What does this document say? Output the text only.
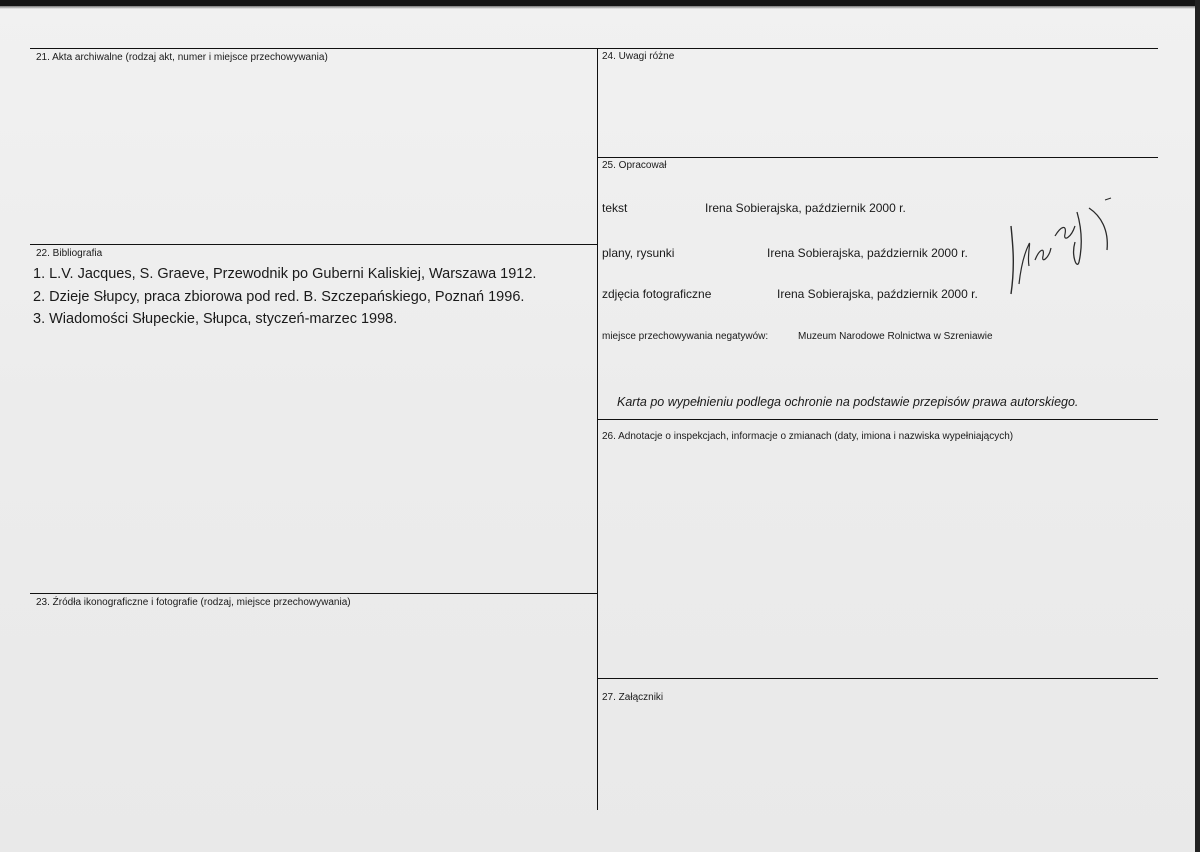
21. Akta archiwalne (rodzaj akt, numer i miejsce przechowywania)
22. Bibliografia
1. L.V. Jacques, S. Graeve, Przewodnik po Guberni Kaliskiej, Warszawa 1912.
2. Dzieje Słupcy, praca zbiorowa pod red. B. Szczepańskiego, Poznań 1996.
3. Wiadomości Słupeckie, Słupca, styczeń-marzec 1998.
23. Źródła ikonograficzne i fotografie (rodzaj, miejsce przechowywania)
24. Uwagi różne
25. Opracował
tekst	Irena Sobierajska, październik 2000 r.
plany, rysunki	Irena Sobierajska, październik 2000 r.
zdjęcia fotograficzne	Irena Sobierajska, październik 2000 r.
miejsce przechowywania negatywów:	Muzeum Narodowe Rolnictwa w Szreniawie
Karta po wypełnieniu podlega ochronie na podstawie przepisów prawa autorskiego.
26. Adnotacje o inspekcjach, informacje o zmianach (daty, imiona i nazwiska wypełniających)
27. Załączniki
